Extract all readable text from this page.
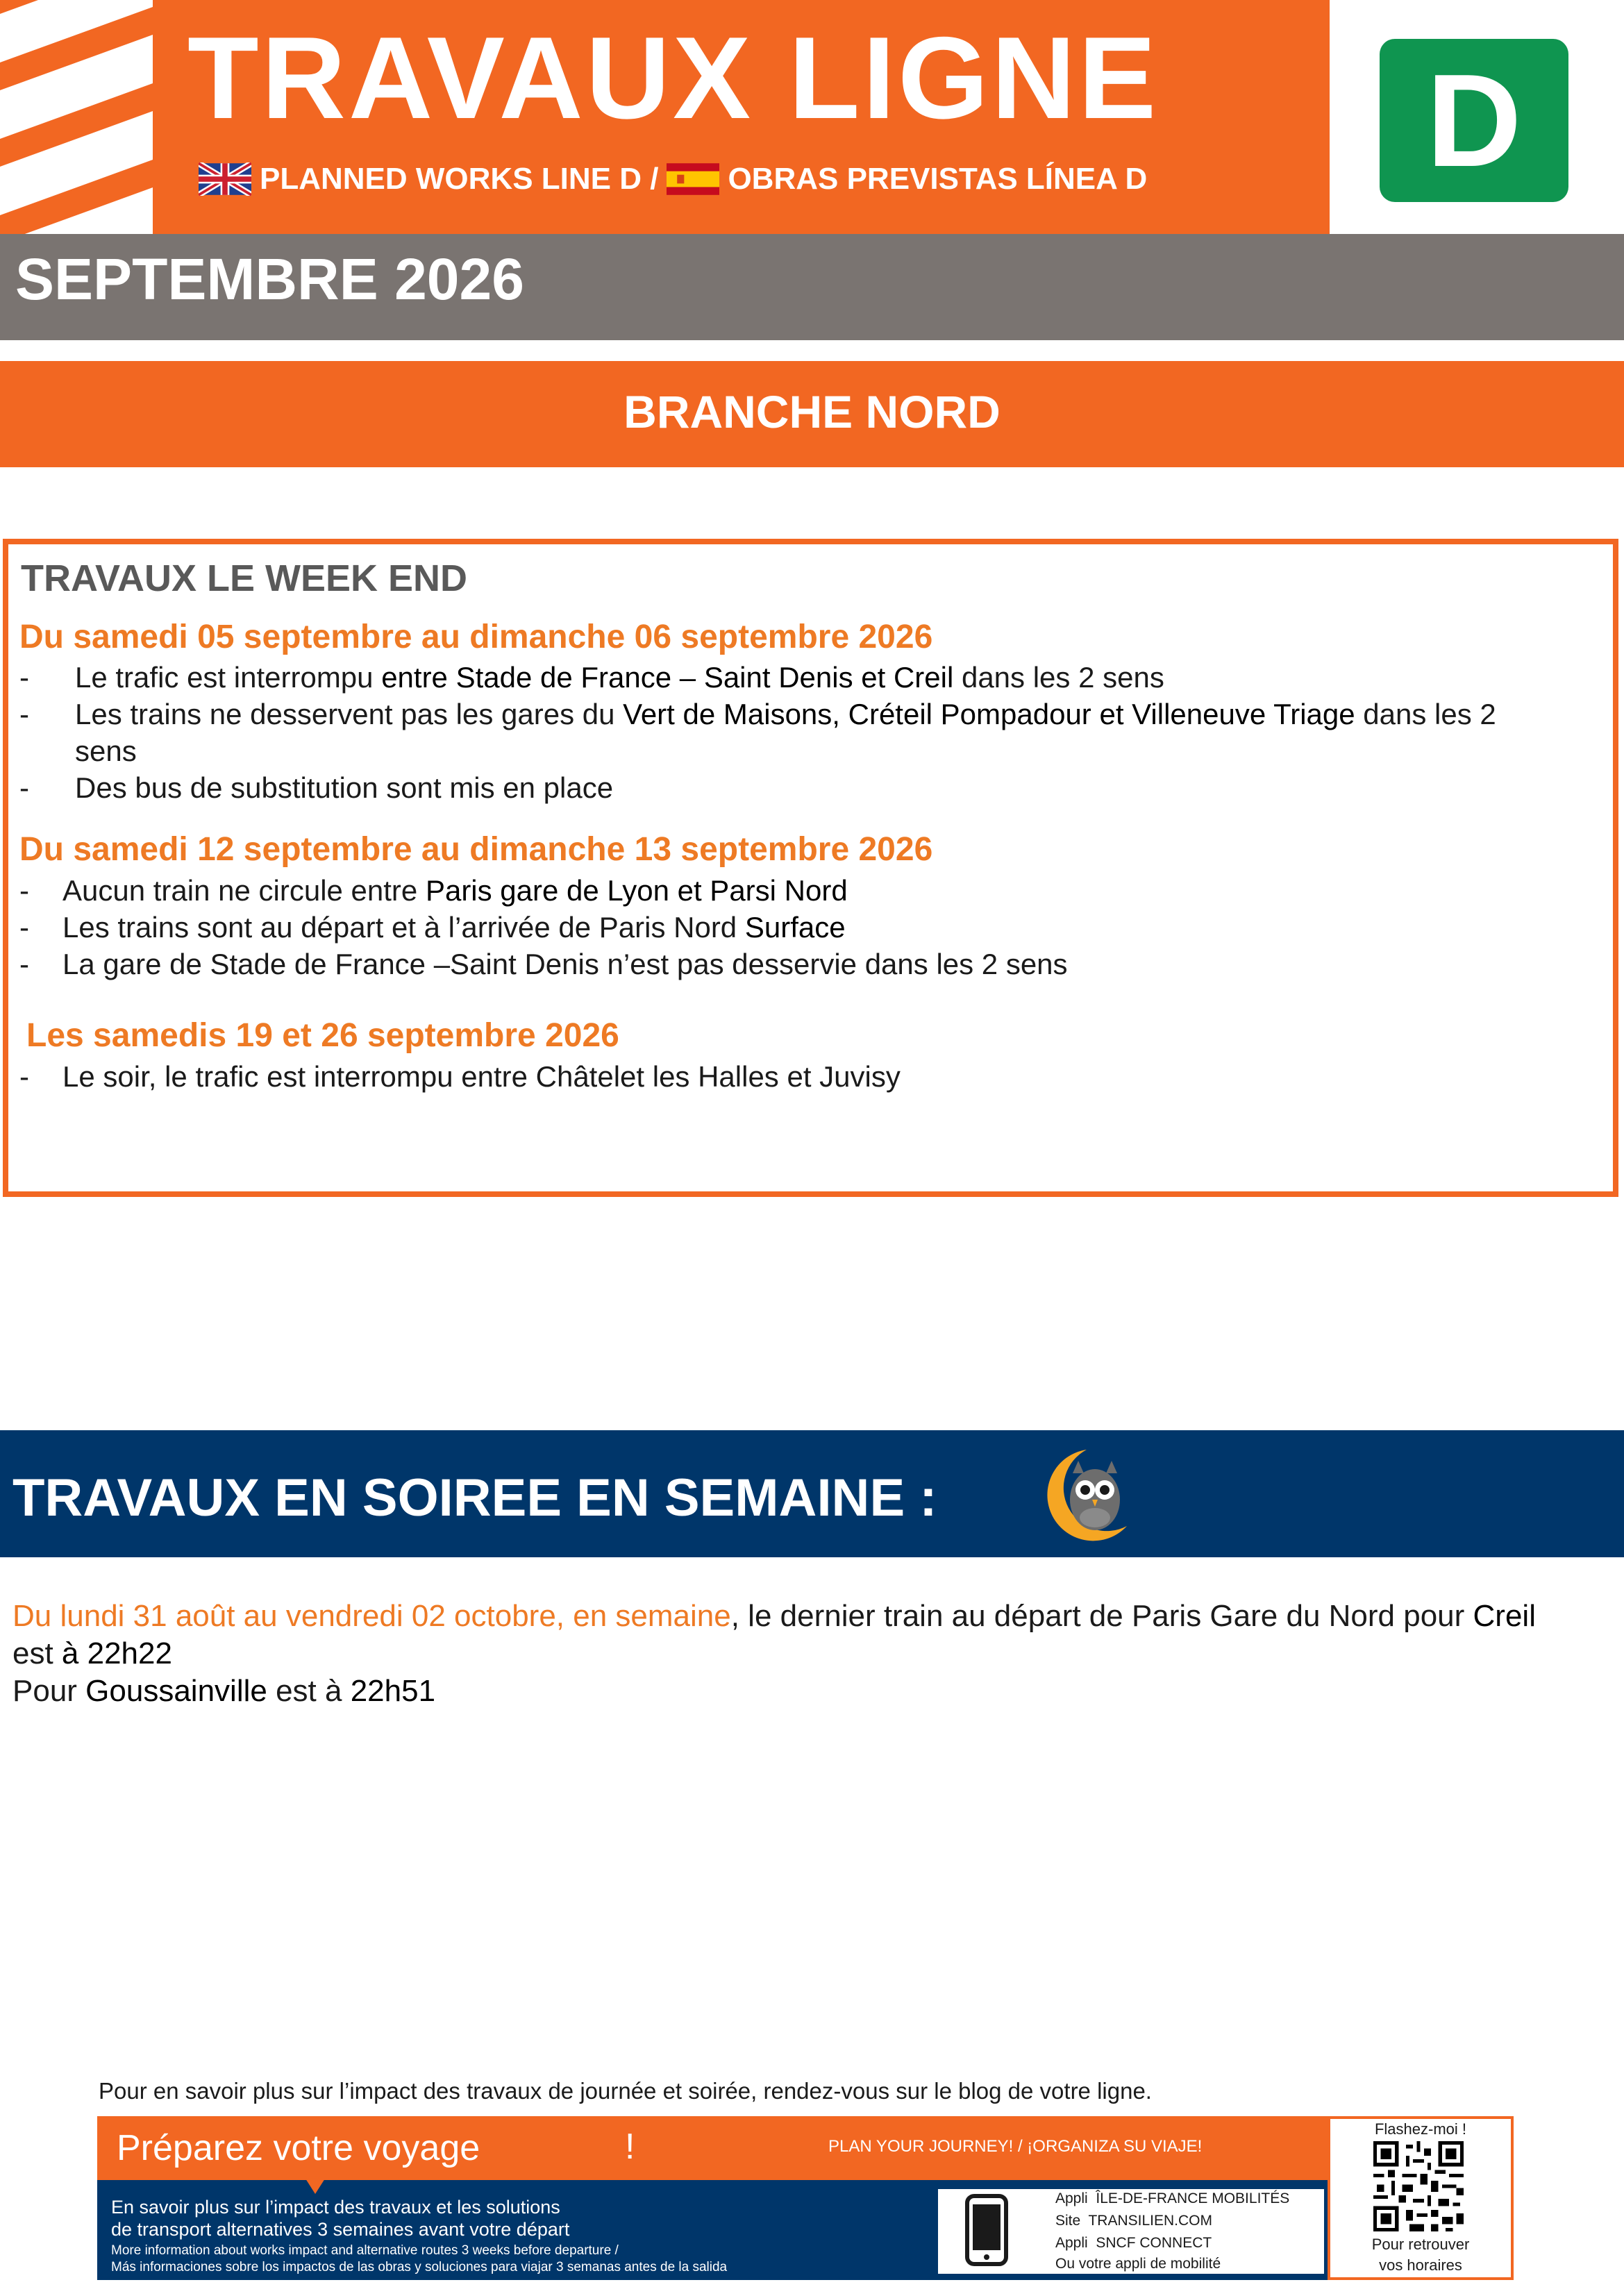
TRAVAUX LIGNE
PLANNED WORKS LINE D / OBRAS PREVISTAS LÍNEA D	D
SEPTEMBRE 2026
BRANCHE NORD
TRAVAUX LE WEEK END
Du samedi 05 septembre au dimanche 06 septembre 2026
- Le trafic est interrompu entre Stade de France – Saint Denis et Creil dans les 2 sens
- Les trains ne desservent pas les gares du Vert de Maisons, Créteil Pompadour et Villeneuve Triage dans les 2
sens
- Des bus de substitution sont mis en place
Du samedi 12 septembre au dimanche 13 septembre 2026
- Aucun train ne circule entre Paris gare de Lyon et Parsi Nord
- Les trains sont au départ et à l’arrivée de Paris Nord Surface
- La gare de Stade de France –Saint Denis n’est pas desservie dans les 2 sens
Les samedis 19 et 26 septembre 2026
- Le soir, le trafic est interrompu entre Châtelet les Halles et Juvisy
TRAVAUX EN SOIREE EN SEMAINE :
Du lundi 31 août au vendredi 02 octobre, en semaine, le dernier train au départ de Paris Gare du Nord pour Creil
est à 22h22
Pour Goussainville est à 22h51
Pour en savoir plus sur l’impact des travaux de journée et soirée, rendez-vous sur le blog de votre ligne.
Préparez votre voyage	!	PLAN YOUR JOURNEY! / ¡ORGANIZA SU VIAJE!
En savoir plus sur l’impact des travaux et les solutions
de transport alternatives 3 semaines avant votre départ
More information about works impact and alternative routes 3 weeks before departure /
Más informaciones sobre los impactos de las obras y soluciones para viajar 3 semanas antes de la salida
Appli ÎLE-DE-FRANCE MOBILITÉS
Site TRANSILIEN.COM
Appli SNCF CONNECT
Ou votre appli de mobilité
Flashez-moi !
Pour retrouver
vos horaires
